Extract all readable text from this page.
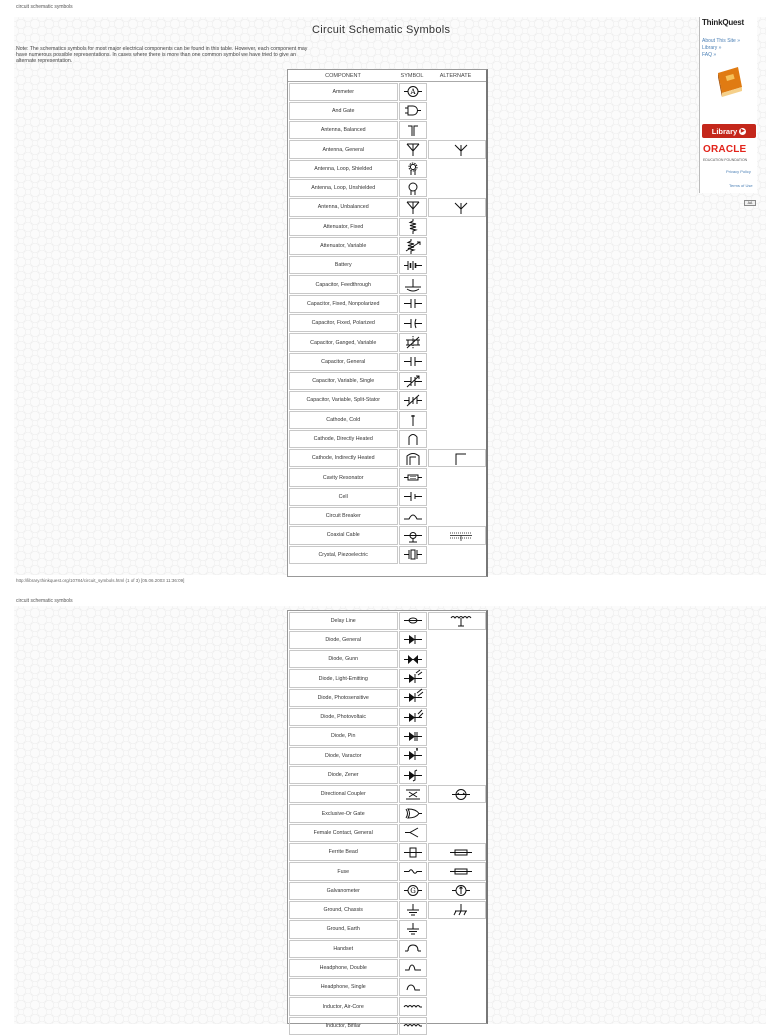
circuit schematic symbols
Circuit Schematic Symbols
Note: The schematics symbols for most major electrical components can be found in this table. However, each component may have numerous possible representations. In cases where there is more than one common symbol we have tried to give an alternate representation.
COMPONENT	SYMBOL	ALTERNATE
Ammeter	A
And Gate
Antenna, Balanced
Antenna, General
Antenna, Loop, Shielded
Antenna, Loop, Unshielded
Antenna, Unbalanced
Attenuator, Fixed
Attenuator, Variable
Battery
Capacitor, Feedthrough
Capacitor, Fixed, Nonpolarized
Capacitor, Fixed, Polarized
Capacitor, Ganged, Variable
Capacitor, General
Capacitor, Variable, Single
Capacitor, Variable, Split-Stator
Cathode, Cold
Cathode, Directly Heated
Cathode, Indirectly Heated
Cavity Resonator
Cell
Circuit Breaker
Coaxial Cable
Crystal, Piezoelectric
ThinkQuest
About This Site »
Library »
FAQ »
Library
▶
ORACLE
EDUCATION FOUNDATION
Privacy Policy
Terms of Use
AA
http://library.thinkquest.org/10784/circuit_symbols.html (1 of 3) [05.06.2003 11:36:09]
circuit schematic symbols
Delay Line
Diode, General
Diode, Gunn
Diode, Light-Emitting
Diode, Photosensitive
Diode, Photovoltaic
Diode, Pin
Diode, Varactor
Diode, Zener
Directional Coupler
Exclusive-Or Gate
Female Contact, General
Ferrite Bead
Fuse
Galvanometer	G
Ground, Chassis
Ground, Earth
Handset
Headphone, Double
Headphone, Single
Inductor, Air-Core
Inductor, Bifilar
